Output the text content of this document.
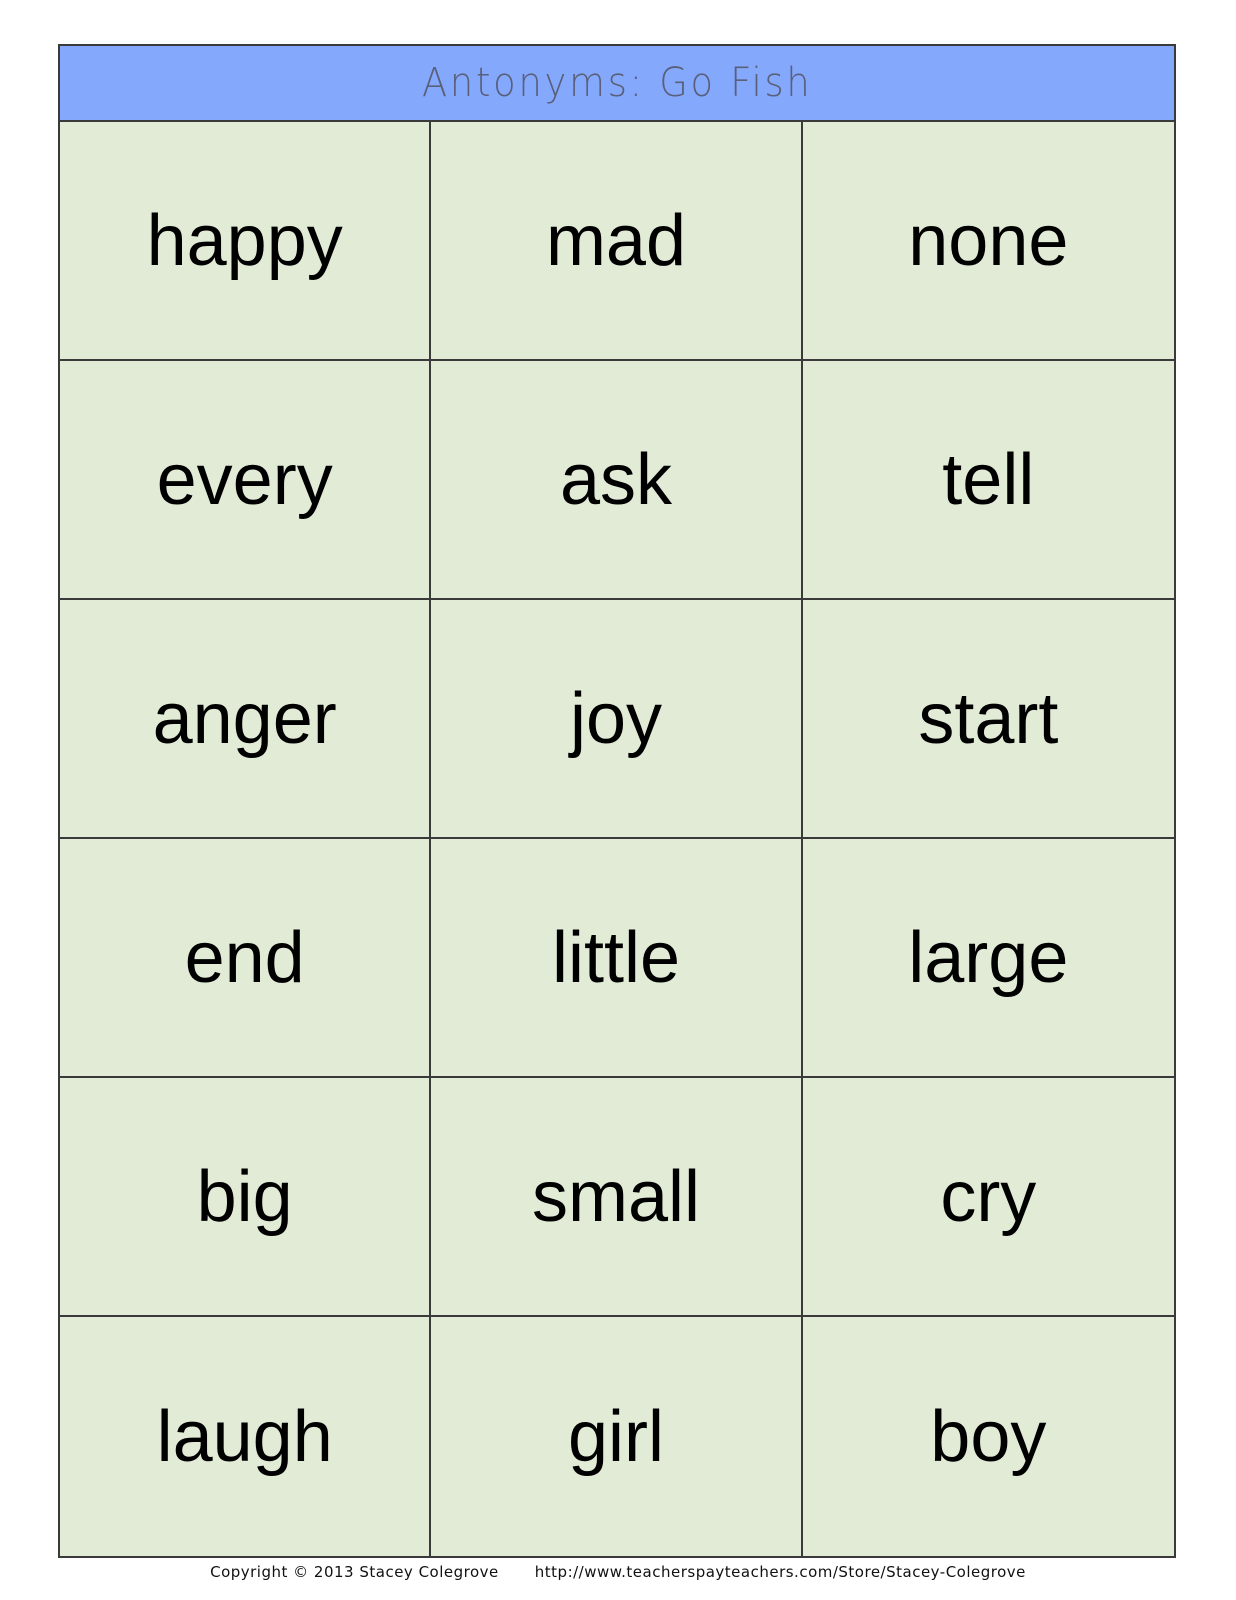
Antonyms: Go Fish
happy	mad	none
every	ask	tell
anger	joy	start
end	little	large
big	small	cry
laugh	girl	boy
Copyright © 2013 Stacey Colegrove http://www.teacherspayteachers.com/Store/Stacey-Colegrove
